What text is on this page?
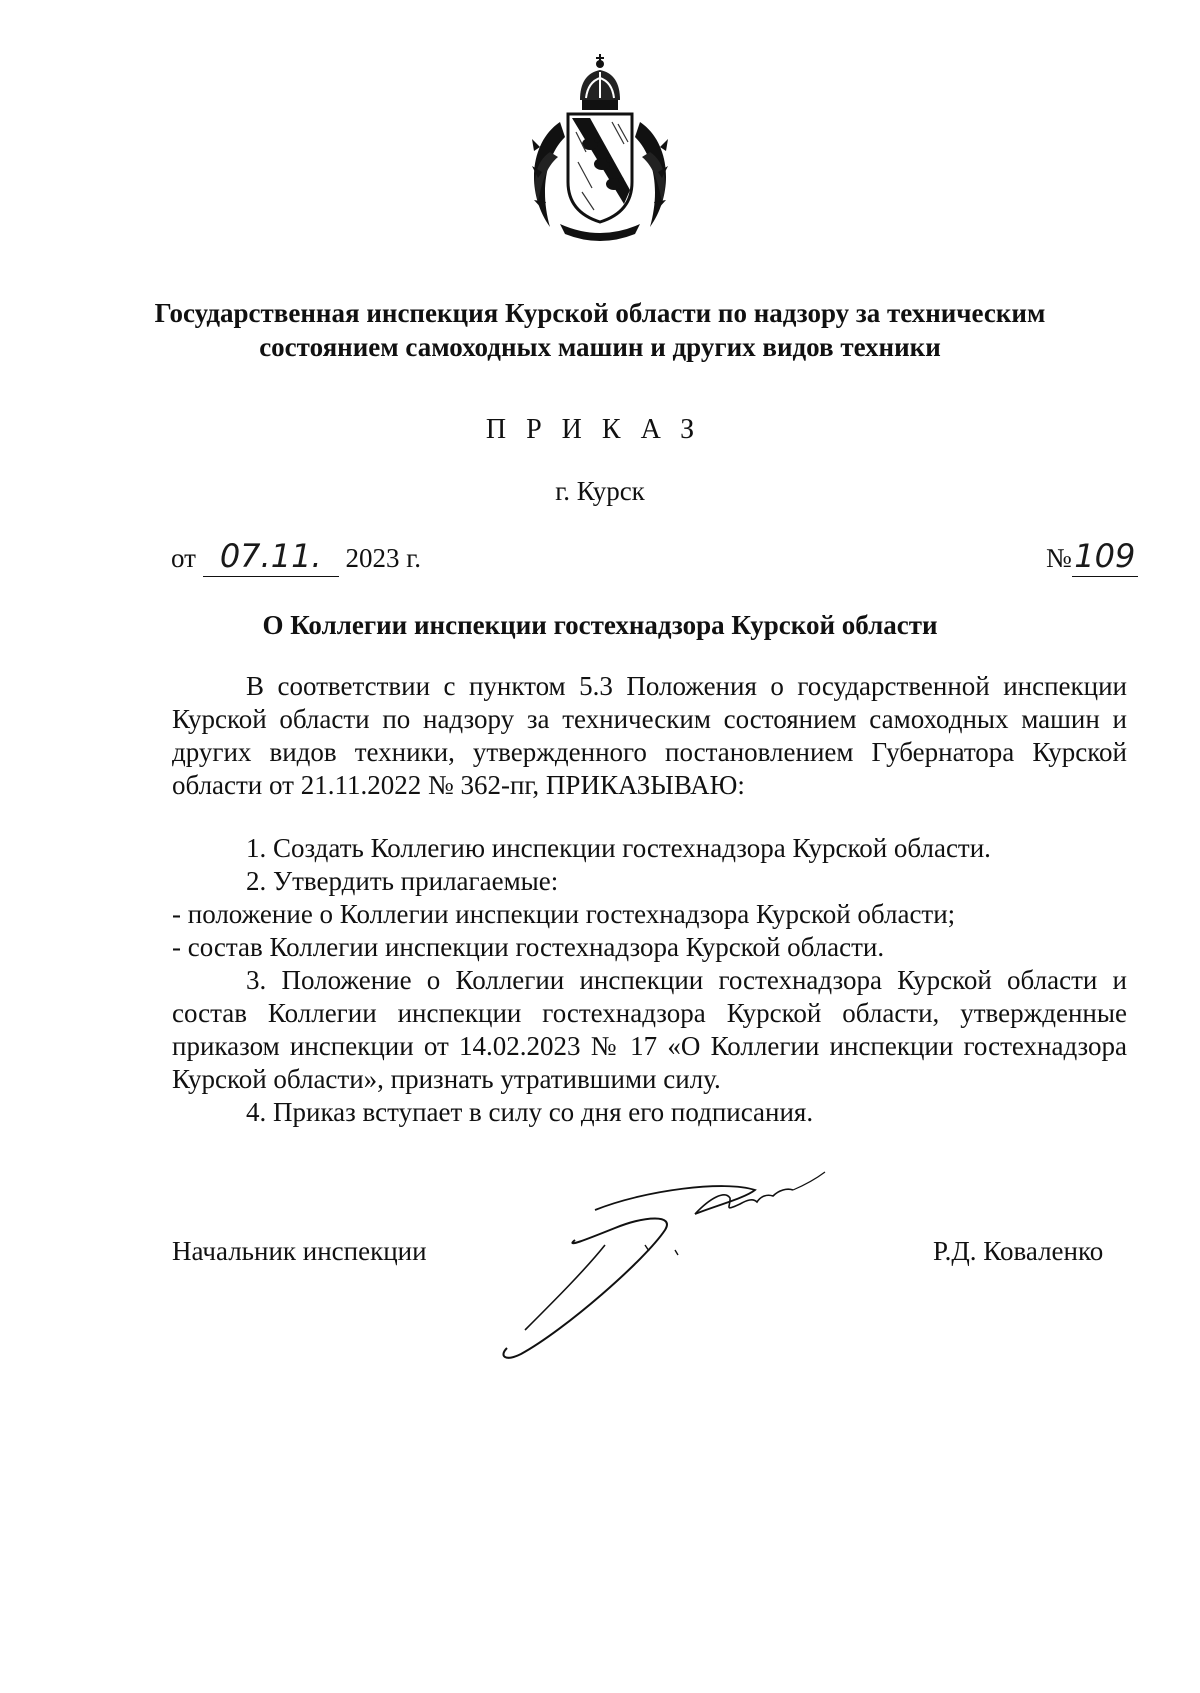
Государственная инспекция Курской области по надзору за техническим
состоянием самоходных машин и других видов техники
ПРИКАЗ
г. Курск
от 07.11. 2023 г.	№109
О Коллегии инспекции гостехнадзора Курской области

В соответствии с пунктом 5.3 Положения о государственной инспекции Курской области по надзору за техническим состоянием самоходных машин и других видов техники, утвержденного постановлением Губернатора Курской области от 21.11.2022 № 362-пг, ПРИКАЗЫВАЮ:

1. Создать Коллегию инспекции гостехнадзора Курской области.

2. Утвердить прилагаемые:

- положение о Коллегии инспекции гостехнадзора Курской области;

- состав Коллегии инспекции гостехнадзора Курской области.

3. Положение о Коллегии инспекции гостехнадзора Курской области и состав Коллегии инспекции гостехнадзора Курской области, утвержденные приказом инспекции от 14.02.2023 № 17 «О Коллегии инспекции гостехнадзора Курской области», признать утратившими силу.

4. Приказ вступает в силу со дня его подписания.

Начальник инспекции	Р.Д. Коваленко
